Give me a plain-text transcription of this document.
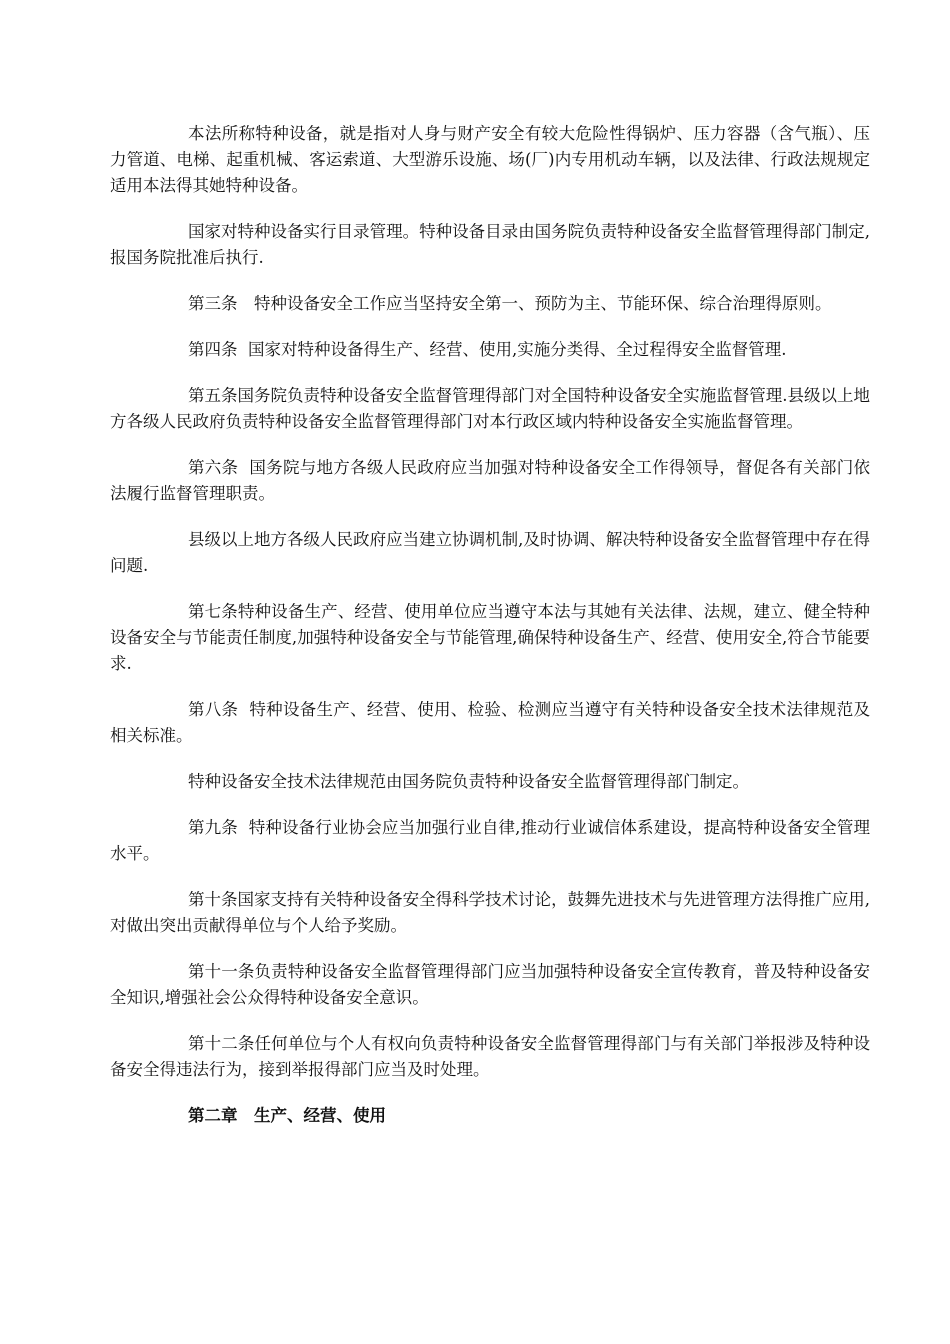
本法所称特种设备，就是指对人身与财产安全有较大危险性得锅炉、压力容器（含气瓶）、压力管道、电梯、起重机械、客运索道、大型游乐设施、场(厂)内专用机动车辆，以及法律、行政法规规定适用本法得其她特种设备。

国家对特种设备实行目录管理。特种设备目录由国务院负责特种设备安全监督管理得部门制定,报国务院批准后执行.

第三条　特种设备安全工作应当坚持安全第一、预防为主、节能环保、综合治理得原则。

第四条  国家对特种设备得生产、经营、使用,实施分类得、全过程得安全监督管理.

第五条国务院负责特种设备安全监督管理得部门对全国特种设备安全实施监督管理.县级以上地方各级人民政府负责特种设备安全监督管理得部门对本行政区域内特种设备安全实施监督管理。

第六条  国务院与地方各级人民政府应当加强对特种设备安全工作得领导，督促各有关部门依法履行监督管理职责。

县级以上地方各级人民政府应当建立协调机制,及时协调、解决特种设备安全监督管理中存在得问题.

第七条特种设备生产、经营、使用单位应当遵守本法与其她有关法律、法规，建立、健全特种设备安全与节能责任制度,加强特种设备安全与节能管理,确保特种设备生产、经营、使用安全,符合节能要求.

第八条  特种设备生产、经营、使用、检验、检测应当遵守有关特种设备安全技术法律规范及相关标准。

特种设备安全技术法律规范由国务院负责特种设备安全监督管理得部门制定。

第九条  特种设备行业协会应当加强行业自律,推动行业诚信体系建设，提高特种设备安全管理水平。

第十条国家支持有关特种设备安全得科学技术讨论，鼓舞先进技术与先进管理方法得推广应用,对做出突出贡献得单位与个人给予奖励。

第十一条负责特种设备安全监督管理得部门应当加强特种设备安全宣传教育，普及特种设备安全知识,增强社会公众得特种设备安全意识。

第十二条任何单位与个人有权向负责特种设备安全监督管理得部门与有关部门举报涉及特种设备安全得违法行为，接到举报得部门应当及时处理。

第二章　生产、经营、使用
